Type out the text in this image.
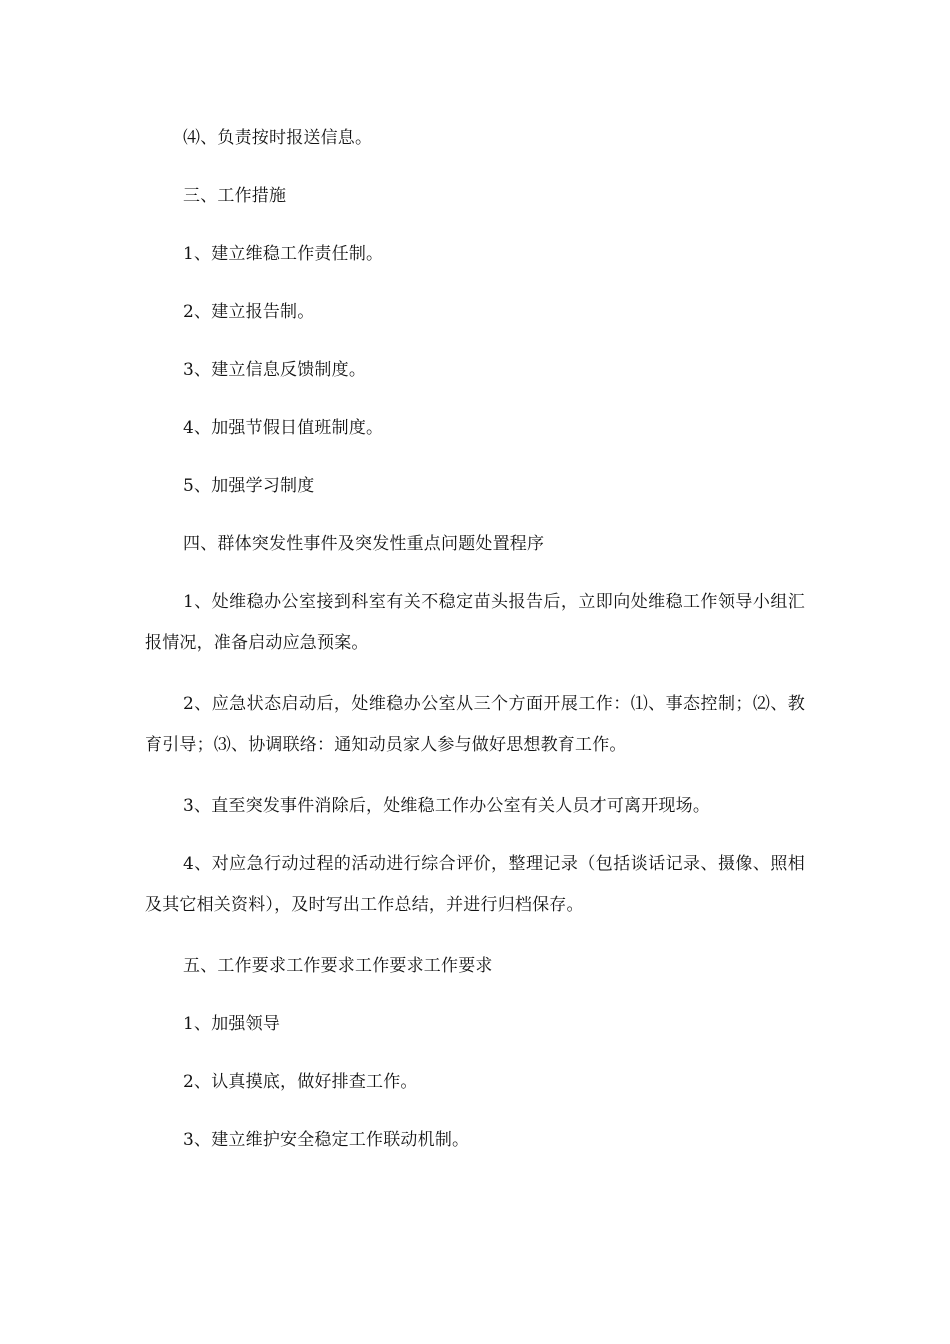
⑷、负责按时报送信息。

三、工作措施

1、建立维稳工作责任制。

2、建立报告制。

3、建立信息反馈制度。

4、加强节假日值班制度。

5、加强学习制度

四、群体突发性事件及突发性重点问题处置程序

1、处维稳办公室接到科室有关不稳定苗头报告后，立即向处维稳工作领导小组汇报情况，准备启动应急预案。

2、应急状态启动后，处维稳办公室从三个方面开展工作：⑴、事态控制；⑵、教育引导；⑶、协调联络：通知动员家人参与做好思想教育工作。

3、直至突发事件消除后，处维稳工作办公室有关人员才可离开现场。

4、对应急行动过程的活动进行综合评价，整理记录（包括谈话记录、摄像、照相及其它相关资料），及时写出工作总结，并进行归档保存。

五、工作要求工作要求工作要求工作要求

1、加强领导

2、认真摸底，做好排查工作。

3、建立维护安全稳定工作联动机制。
